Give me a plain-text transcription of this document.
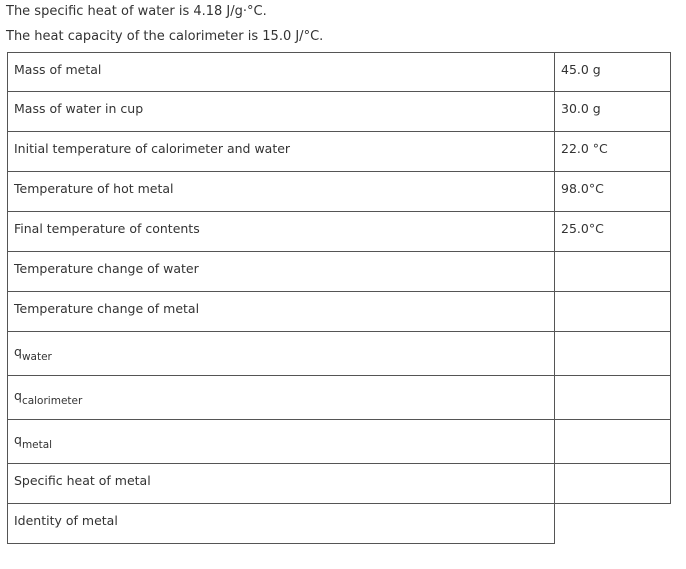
The specific heat of water is 4.18 J/g·°C.
The heat capacity of the calorimeter is 15.0 J/°C.
Mass of metal	45.0 g
Mass of water in cup	30.0 g
Initial temperature of calorimeter and water	22.0 °C
Temperature of hot metal	98.0°C
Final temperature of contents	25.0°C
Temperature change of water
Temperature change of metal
$q_{water}$
$q_{calorimeter}$
$q_{metal}$
Specific heat of metal
Identity of metal
